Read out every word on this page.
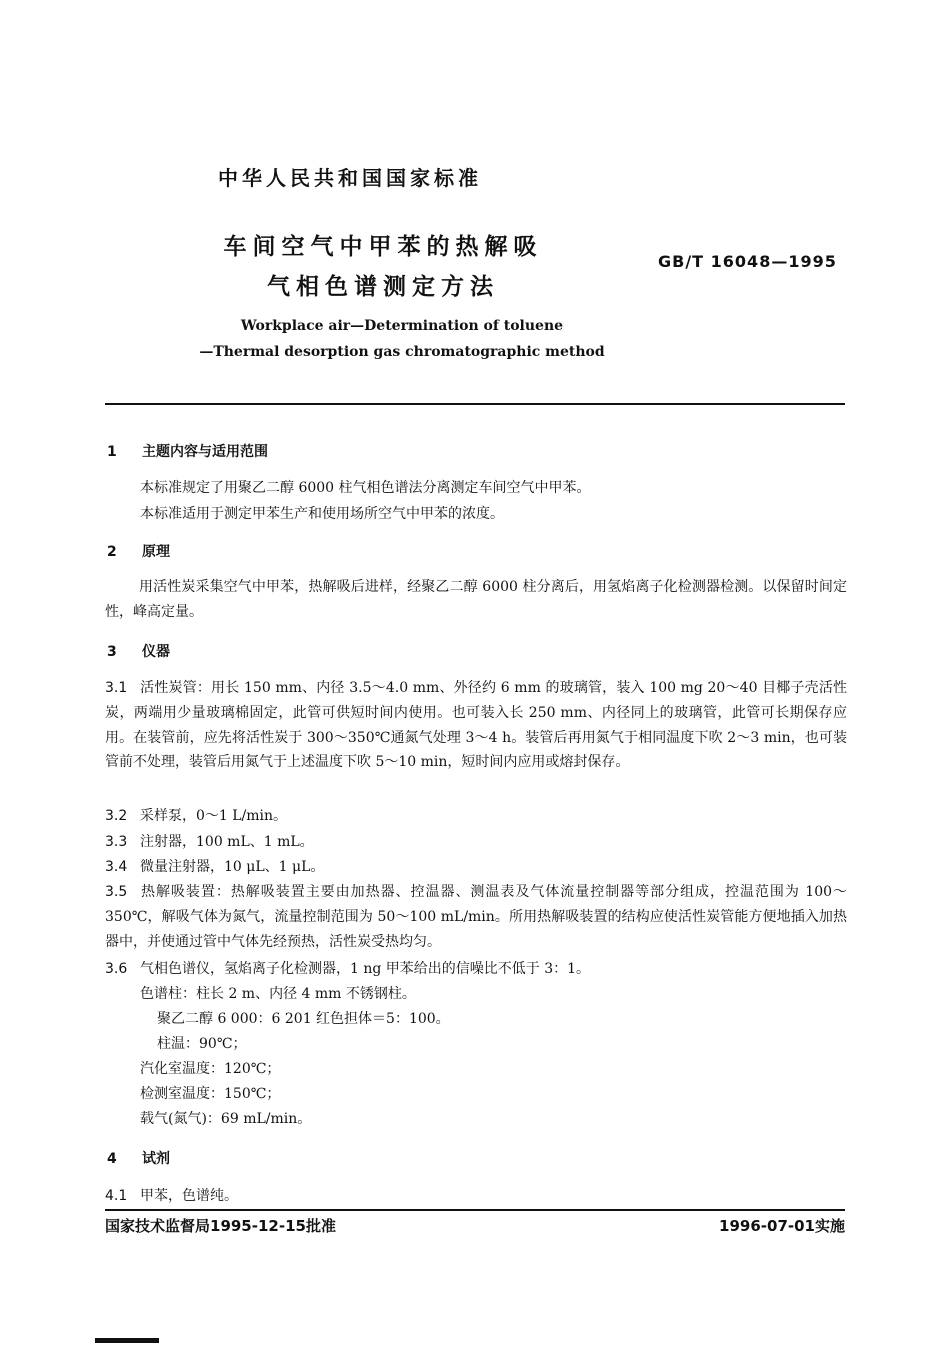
中华人民共和国国家标准
车间空气中甲苯的热解吸
气相色谱测定方法
GB/T 16048—1995
Workplace air—Determination of toluene
—Thermal desorption gas chromatographic method
1 主题内容与适用范围
本标准规定了用聚乙二醇 6000 柱气相色谱法分离测定车间空气中甲苯。
本标准适用于测定甲苯生产和使用场所空气中甲苯的浓度。
2 原理
用活性炭采集空气中甲苯，热解吸后进样，经聚乙二醇 6000 柱分离后，用氢焰离子化检测器检测。以保留时间定性，峰高定量。
3 仪器
3.1 活性炭管：用长 150 mm、内径 3.5～4.0 mm、外径约 6 mm 的玻璃管，装入 100 mg 20～40 目椰子壳活性炭，两端用少量玻璃棉固定，此管可供短时间内使用。也可装入长 250 mm、内径同上的玻璃管，此管可长期保存应用。在装管前，应先将活性炭于 300～350℃通氮气处理 3～4 h。装管后再用氮气于相同温度下吹 2～3 min，也可装管前不处理，装管后用氮气于上述温度下吹 5～10 min，短时间内应用或熔封保存。
3.2 采样泵，0～1 L/min。
3.3 注射器，100 mL、1 mL。
3.4 微量注射器，10 μL、1 μL。
3.5 热解吸装置：热解吸装置主要由加热器、控温器、测温表及气体流量控制器等部分组成，控温范围为 100～350℃，解吸气体为氮气，流量控制范围为 50～100 mL/min。所用热解吸装置的结构应使活性炭管能方便地插入加热器中，并使通过管中气体先经预热，活性炭受热均匀。
3.6 气相色谱仪，氢焰离子化检测器，1 ng 甲苯给出的信噪比不低于 3：1。
色谱柱：柱长 2 m、内径 4 mm 不锈钢柱。
聚乙二醇 6 000：6 201 红色担体＝5：100。
柱温：90℃；
汽化室温度：120℃；
检测室温度：150℃；
载气(氮气)：69 mL/min。
4 试剂
4.1 甲苯，色谱纯。
国家技术监督局1995-12-15批准	1996-07-01实施
